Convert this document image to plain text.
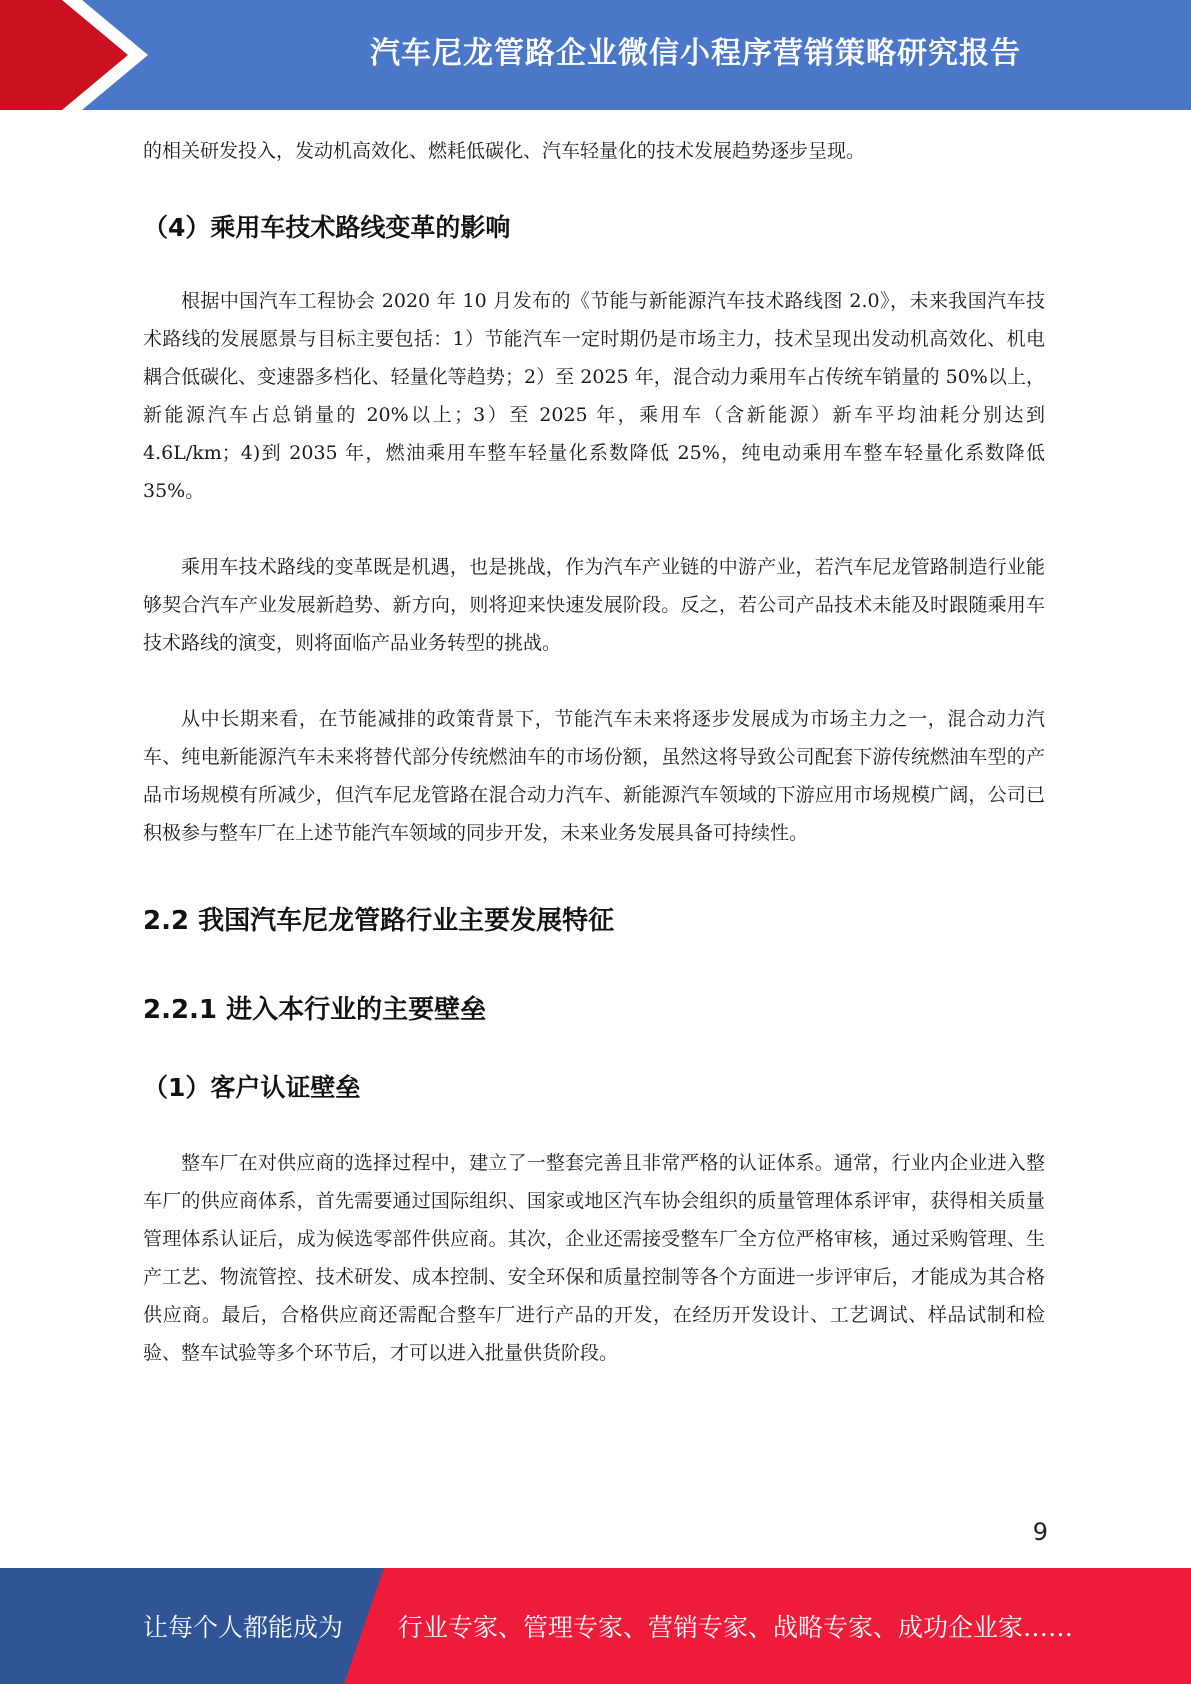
汽车尼龙管路企业微信小程序营销策略研究报告

的相关研发投入，发动机高效化、燃耗低碳化、汽车轻量化的技术发展趋势逐步呈现。

（4）乘用车技术路线变革的影响

根据中国汽车工程协会 2020 年 10 月发布的《节能与新能源汽车技术路线图 2.0》，未来我国汽车技术路线的发展愿景与目标主要包括：1）节能汽车一定时期仍是市场主力，技术呈现出发动机高效化、机电耦合低碳化、变速器多档化、轻量化等趋势；2）至 2025 年，混合动力乘用车占传统车销量的 50%以上，新能源汽车占总销量的 20%以上；3）至 2025 年，乘用车（含新能源）新车平均油耗分别达到 4.6L/km；4)到 2035 年，燃油乘用车整车轻量化系数降低 25%，纯电动乘用车整车轻量化系数降低 35%。

乘用车技术路线的变革既是机遇，也是挑战，作为汽车产业链的中游产业，若汽车尼龙管路制造行业能够契合汽车产业发展新趋势、新方向，则将迎来快速发展阶段。反之，若公司产品技术未能及时跟随乘用车技术路线的演变，则将面临产品业务转型的挑战。

从中长期来看，在节能减排的政策背景下，节能汽车未来将逐步发展成为市场主力之一，混合动力汽车、纯电新能源汽车未来将替代部分传统燃油车的市场份额，虽然这将导致公司配套下游传统燃油车型的产品市场规模有所减少，但汽车尼龙管路在混合动力汽车、新能源汽车领域的下游应用市场规模广阔，公司已积极参与整车厂在上述节能汽车领域的同步开发，未来业务发展具备可持续性。

2.2 我国汽车尼龙管路行业主要发展特征
2.2.1 进入本行业的主要壁垒
（1）客户认证壁垒

整车厂在对供应商的选择过程中，建立了一整套完善且非常严格的认证体系。通常，行业内企业进入整车厂的供应商体系，首先需要通过国际组织、国家或地区汽车协会组织的质量管理体系评审，获得相关质量管理体系认证后，成为候选零部件供应商。其次，企业还需接受整车厂全方位严格审核，通过采购管理、生产工艺、物流管控、技术研发、成本控制、安全环保和质量控制等各个方面进一步评审后，才能成为其合格供应商。最后，合格供应商还需配合整车厂进行产品的开发，在经历开发设计、工艺调试、样品试制和检验、整车试验等多个环节后，才可以进入批量供货阶段。

9
让每个人都能成为 行业专家、管理专家、营销专家、战略专家、成功企业家……
